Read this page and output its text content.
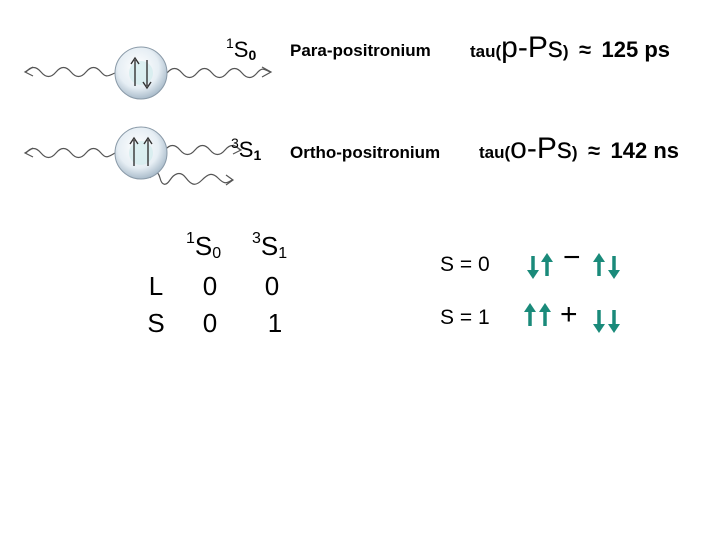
$^1S_0$ Para-positronium tau(p-Ps) ≈ 125 ps
$^3S_1$ Ortho-positronium tau(o-Ps) ≈ 142 ns
$^1S_0$
$^3S_1$
L	0	0
S	0	1
S = 0
S = 1
−
+
